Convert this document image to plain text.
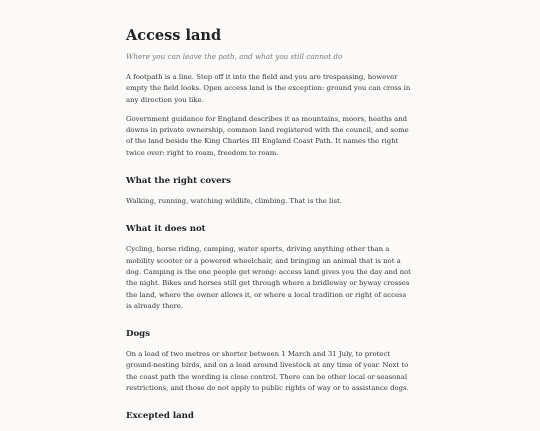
Access land
Where you can leave the path, and what you still cannot do

A footpath is a line. Step off it into the field and you are trespassing, however empty the field looks. Open access land is the exception: ground you can cross in any direction you like.

Government guidance for England describes it as mountains, moors, heaths and downs in private ownership, common land registered with the council, and some of the land beside the King Charles III England Coast Path. It names the right twice over: right to roam, freedom to roam.

What the right covers

Walking, running, watching wildlife, climbing. That is the list.

What it does not

Cycling, horse riding, camping, water sports, driving anything other than a mobility scooter or a powered wheelchair, and bringing an animal that is not a dog. Camping is the one people get wrong: access land gives you the day and not the night. Bikes and horses still get through where a bridleway or byway crosses the land, where the owner allows it, or where a local tradition or right of access is already there.

Dogs

On a lead of two metres or shorter between 1 March and 31 July, to protect ground-nesting birds, and on a lead around livestock at any time of year. Next to the coast path the wording is close control. There can be other local or seasonal restrictions, and those do not apply to public rights of way or to assistance dogs.

Excepted land
